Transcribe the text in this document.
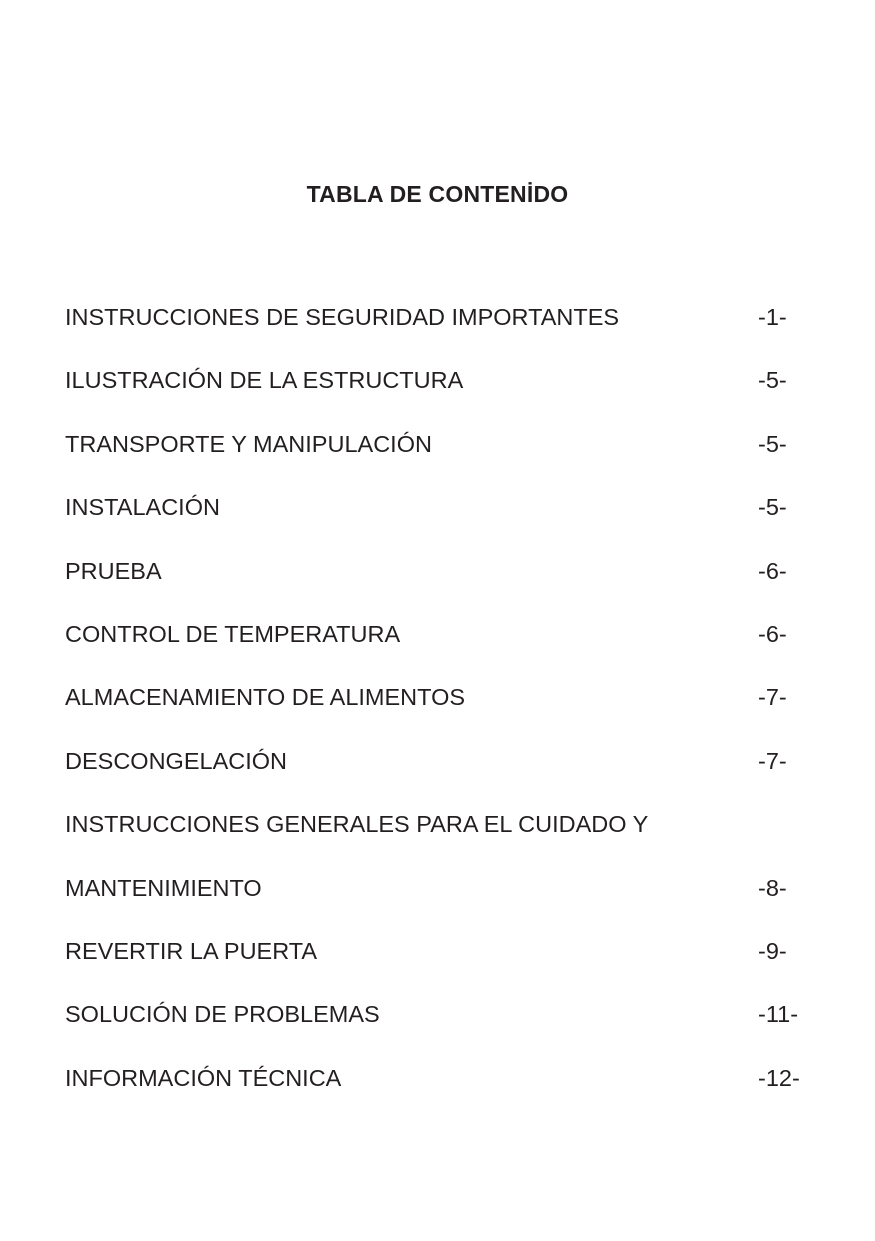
TABLA DE CONTENİDO
INSTRUCCIONES DE SEGURIDAD IMPORTANTES	-1-
ILUSTRACIÓN DE LA ESTRUCTURA	-5-
TRANSPORTE Y MANIPULACIÓN	-5-
INSTALACIÓN	-5-
PRUEBA	-6-
CONTROL DE TEMPERATURA	-6-
ALMACENAMIENTO DE ALIMENTOS	-7-
DESCONGELACIÓN	-7-
INSTRUCCIONES GENERALES PARA EL CUIDADO Y
MANTENIMIENTO	-8-
REVERTIR LA PUERTA	-9-
SOLUCIÓN DE PROBLEMAS	-11-
INFORMACIÓN TÉCNICA	-12-
